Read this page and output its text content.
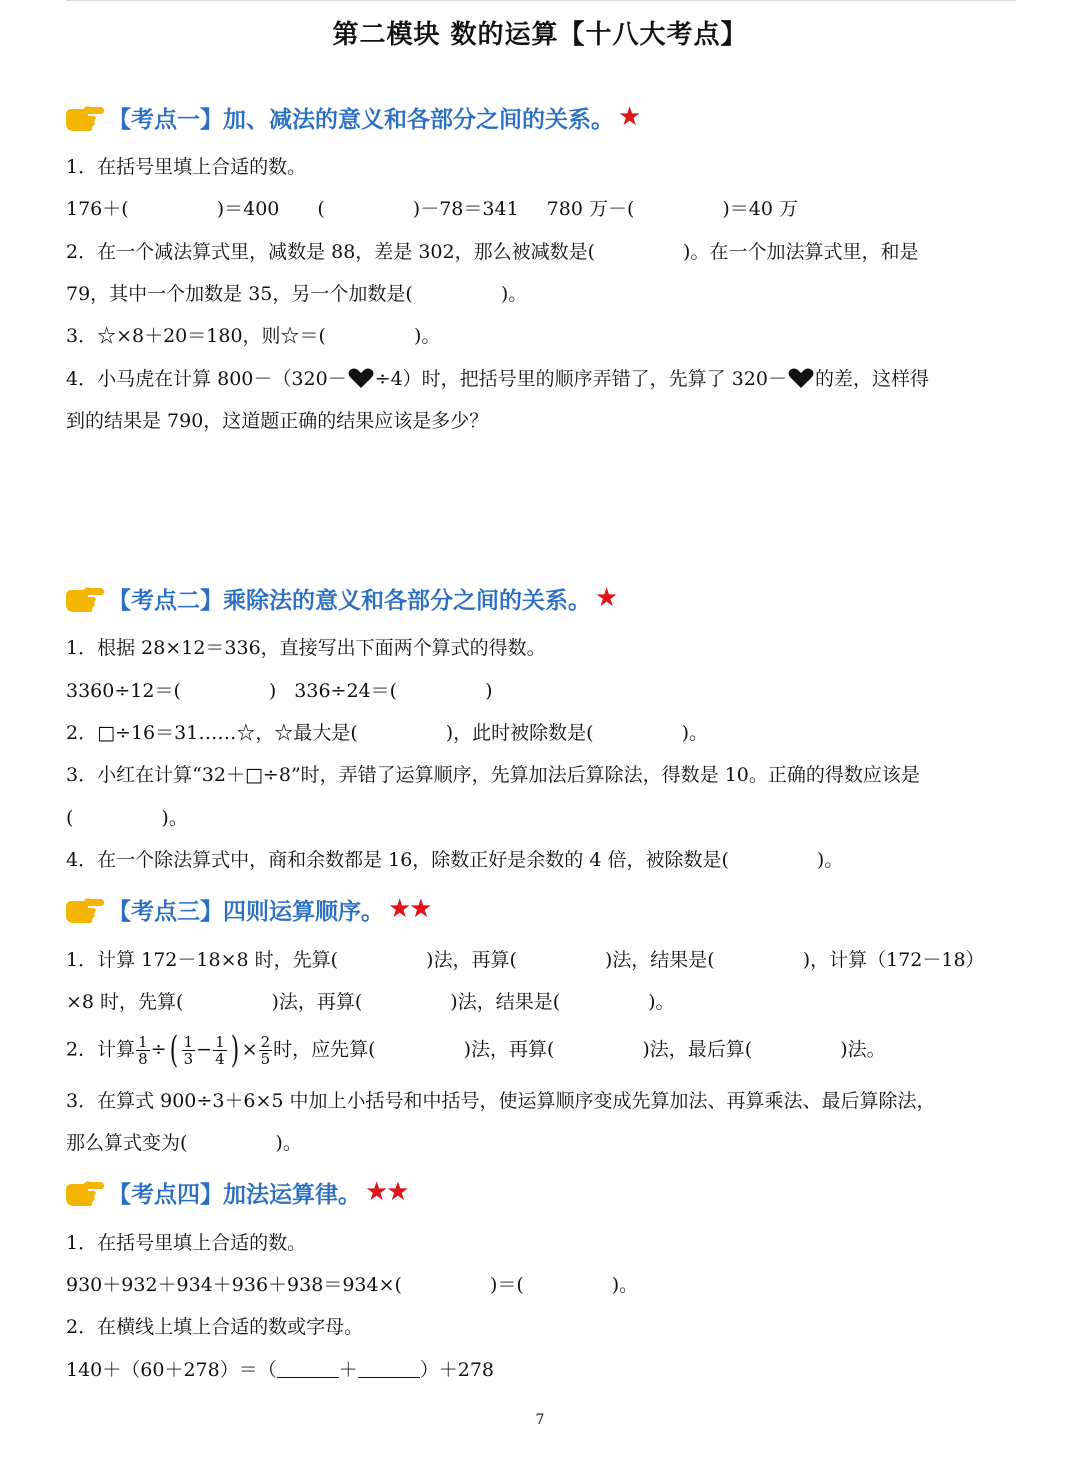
第二模块 数的运算【十八大考点】
【考点一】加、减法的意义和各部分之间的关系。 ★
1．在括号里填上合适的数。
176＋(	)＝400 (	)－78＝341 780 万－(	)＝40 万
2．在一个减法算式里，减数是 88，差是 302，那么被减数是(	)。在一个加法算式里，和是
79，其中一个加数是 35，另一个加数是(	)。
3．☆×8＋20＝180，则☆＝(	)。
4．小马虎在计算 800－（320－ ÷4）时，把括号里的顺序弄错了，先算了 320－ 的差，这样得
到的结果是 790，这道题正确的结果应该是多少？
【考点二】乘除法的意义和各部分之间的关系。 ★
1．根据 28×12＝336，直接写出下面两个算式的得数。
3360÷12＝(	) 336÷24＝(	)
2．□÷16＝31……☆，☆最大是(	)，此时被除数是(	)。
3．小红在计算“32＋□÷8”时，弄错了运算顺序，先算加法后算除法，得数是 10。正确的得数应该是
(	)。
4．在一个除法算式中，商和余数都是 16，除数正好是余数的 4 倍，被除数是(	)。
【考点三】四则运算顺序。 ★★
1．计算 172－18×8 时，先算(	)法，再算(	)法，结果是(	)，计算（172－18）
×8 时，先算(	)法，再算(	)法，结果是(	)。
2．计算 $\frac{1}{8}$ ÷( $\frac{1}{3} - \frac{1}{4}$ ) × $\frac{2}{5}$ 时，应先算(	)法，再算(	)法，最后算(	)法。
3．在算式 900÷3＋6×5 中加上小括号和中括号，使运算顺序变成先算加法、再算乘法、最后算除法，
那么算式变为(	)。
【考点四】加法运算律。 ★★
1．在括号里填上合适的数。
930＋932＋934＋936＋938＝934×(	)＝(	)。
2．在横线上填上合适的数或字母。
140＋（60＋278）＝（	＋	）＋278
7
